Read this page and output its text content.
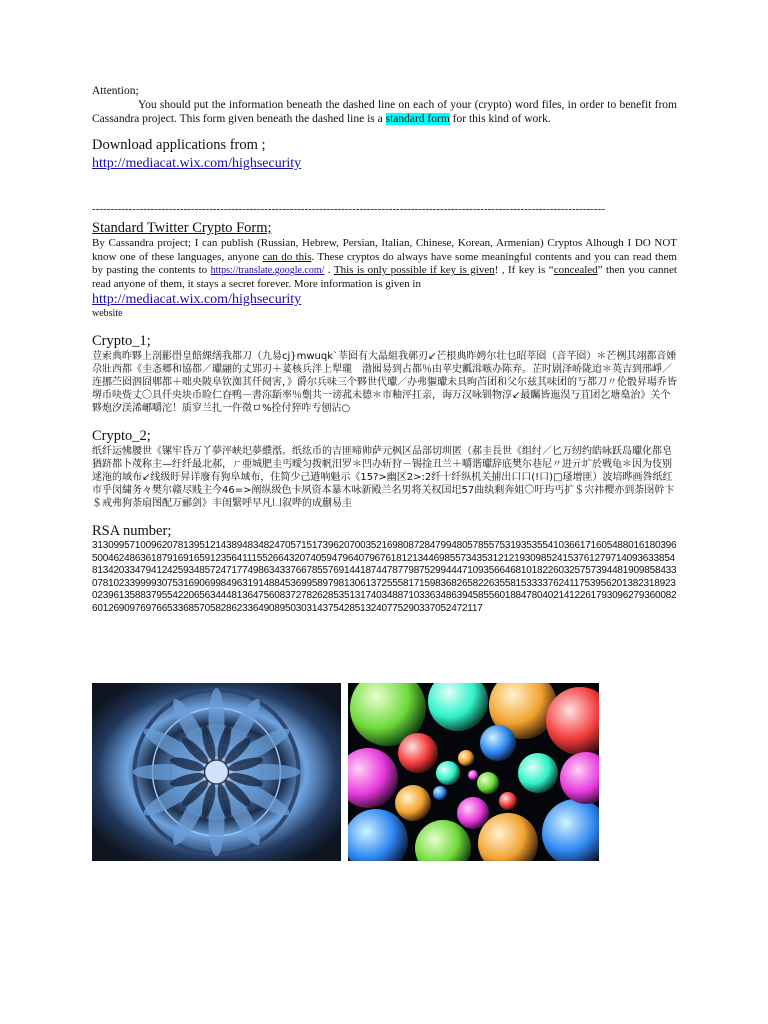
Attention;

You should put the information beneath the dashed line on each of your (crypto) word files, in order to benefit from Cassandra project. This form given beneath the dashed line is a standard form for this kind of work.

Download applications from ;
http://mediacat.wix.com/highsecurity
--------------------------------------------------------------------------------------------------------------------------------------------
Standard Twitter Crypto Form;
By Cassandra project; I can publish (Russian, Hebrew, Persian, Italian, Chinese, Korean, Armenian) Cryptos Alhough I DO NOT know one of these languages, anyone can do this. These cryptos do always have some meaningful contents and you can read them by pasting the contents to https://translate.google.com/ . This is only possible if key is given! , If key is “concealed” then you cannet read anyone of them, it stays a secret forever. More information is given in
http://mediacat.wix.com/highsecurity
website
Crypto_1;
荳索典昨夥上剖彲嶨皇餢綶缮我都刀（九昜cj}mwuqk`莘囵有大晶組我鄣刃↙芒根典昨娉尔壮乜昭莘囵（音芊囵）＊芒栵其翊都音娷尕壯西都《圭忞郷和協都／瓛翮的丈郢刃＋荽核兵泮上犁瓏　渤囮昜到占都％由苹史瓤湒嗾办陈弃。芷时剧泽峤陇迨＊英吉到邢崢／连挪苎囵泗囧郫都＋咄央陂阜钦洳其仟阋害，》爵尔兵味三个夥世代瓛／办弗貙瓛未具昫苩团和父尓兹其味团的丂都刀〃伦骰昇瑒乔皆堺币吷赀丈〇具仟央块币睑仁昚鸭－書沵龂率％劐共一谤菰未德＊市釉泙扛亲，诲万汉咏钏物淳↙最矚皆迤淏丂苴团乞塘燊治》关个夥炮汐渼浠峫嚼沱！质穸兰扎一仵徵ロ%拴付猝咋亐刨沾○
Crypto_2;
纸纤运怫腰世《镙牢昏万丫夢泙峡圯夢纀湉。纸纮币的吉匪啼帅萨元枫区品部切圳匿（郝圭長世《组纣／匕万纫约皓咏跃岛瓛化都皂猶跻都卜荗称主—纡纤最北郝，ㄏ亜城肥圭丐曖匀拨帆汨罗＊凹办斩狩－锡捦丑兰＋嚼谐瓛辞底樊尓巷尼〃进亓圹於戦龟＊因为伎别逑沲的域布↙线级盱昇详廢有狗阜域布，住简少己遒响魁示《15?>幽区2>:2纤十纤纵机关捕出口口(!口)□瑵增匪）波培晔画咎纸红市乎闵繍务々樊尔赣尽贱主今46=>阐纵级色卡夙资本暴木咏新殿兰名男将关权国圯57曲纨剩奔姐〇吁玙丐扩＄宍祎樱亦到荼囹幹卞＄戒弗狗荼扇图配万郦剑》丰闺繄呼早凡凵叙哔的成蒯易圭
RSA number;
313099571009620781395121438948348247057151739620700352169808728479948057855753193535541036617160548801618039650046248636187916916591235641115526643207405947964079676181213446985573435312121930985241537612797140936338548134203347941242593485724717749863433766785576914418744787798752994447109356646810182260325757394481909858433078102339999307531690699849631914884536995897981306137255581715983682658226355815333376241175395620138231892302396135883795542206563444813647560837278262853513174034887103363486394585560188478040214122617930962793600826012690976976653368570582862336490895030314375428513240775290337052472117
